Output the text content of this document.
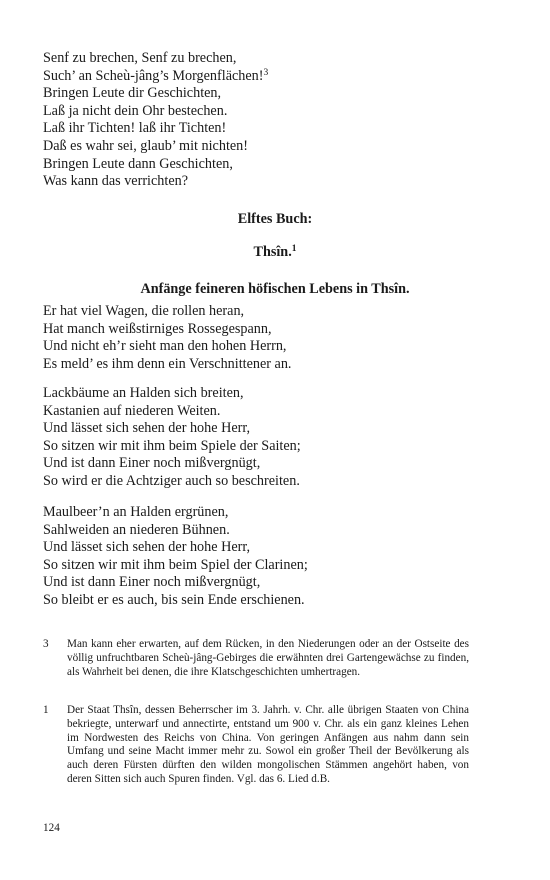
Senf zu brechen, Senf zu brechen,
Such’ an Scheù-jâng’s Morgenflächen!$^3$
Bringen Leute dir Geschichten,
Laß ja nicht dein Ohr bestechen.
Laß ihr Tichten! laß ihr Tichten!
Daß es wahr sei, glaub’ mit nichten!
Bringen Leute dann Geschichten,
Was kann das verrichten?
Elftes Buch:
Thsîn.$^1$
Anfänge feineren höfischen Lebens in Thsîn.
Er hat viel Wagen, die rollen heran,
Hat manch weißstirniges Rossegespann,
Und nicht eh’r sieht man den hohen Herrn,
Es meld’ es ihm denn ein Verschnittener an.
Lackbäume an Halden sich breiten,
Kastanien auf niederen Weiten.
Und lässet sich sehen der hohe Herr,
So sitzen wir mit ihm beim Spiele der Saiten;
Und ist dann Einer noch mißvergnügt,
So wird er die Achtziger auch so beschreiten.
Maulbeer’n an Halden ergrünen,
Sahlweiden an niederen Bühnen.
Und lässet sich sehen der hohe Herr,
So sitzen wir mit ihm beim Spiel der Clarinen;
Und ist dann Einer noch mißvergnügt,
So bleibt er es auch, bis sein Ende erschienen.
3 Man kann eher erwarten, auf dem Rücken, in den Niederungen oder an der Ostseite des völlig unfruchtbaren Scheù-jâng-Gebirges die erwähnten drei Gartengewächse zu finden, als Wahrheit bei denen, die ihre Klatschgeschichten umhertragen.
1 Der Staat Thsîn, dessen Beherrscher im 3. Jahrh. v. Chr. alle übrigen Staaten von China bekriegte, unterwarf und annectirte, entstand um 900 v. Chr. als ein ganz kleines Lehen im Nordwesten des Reichs von China. Von geringen Anfängen aus nahm dann sein Umfang und seine Macht immer mehr zu. Sowol ein großer Theil der Bevölkerung als auch deren Fürsten dürften den wilden mongolischen Stämmen angehört haben, von deren Sitten sich auch Spuren finden. Vgl. das 6. Lied d.B.
124
